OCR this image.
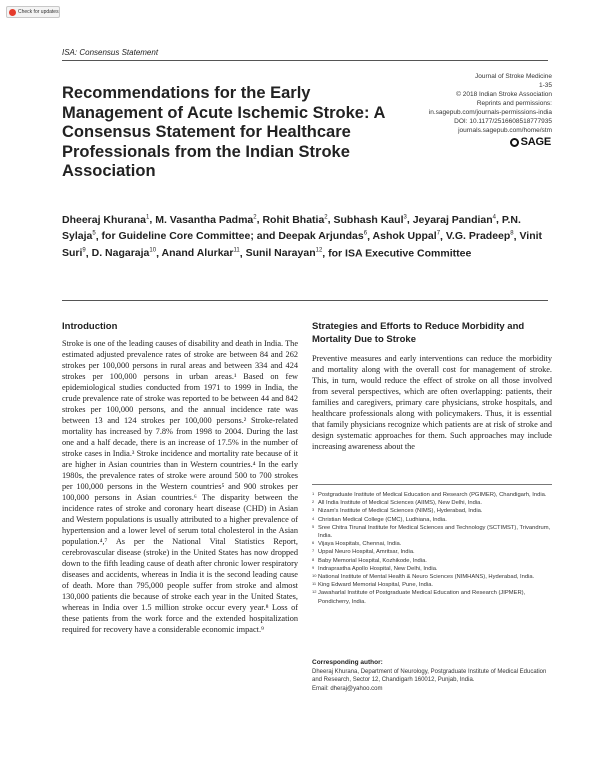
Check for updates
ISA: Consensus Statement
Recommendations for the Early Management of Acute Ischemic Stroke: A Consensus Statement for Healthcare Professionals from the Indian Stroke Association
Journal of Stroke Medicine
1-35
© 2018 Indian Stroke Association
Reprints and permissions:
in.sagepub.com/journals-permissions-india
DOI: 10.1177/2516608518777935
journals.sagepub.com/home/stm
SAGE
Dheeraj Khurana$^1$, M. Vasantha Padma$^2$, Rohit Bhatia$^2$, Subhash Kaul$^3$, Jeyaraj Pandian$^4$, P.N. Sylaja$^5$, for Guideline Core Committee; and Deepak Arjundas$^6$, Ashok Uppal$^7$, V.G. Pradeep$^8$, Vinit Suri$^9$, D. Nagaraja$^{10}$, Anand Alurkar$^{11}$, Sunil Narayan$^{12}$, for ISA Executive Committee
Introduction

Stroke is one of the leading causes of disability and death in India. The estimated adjusted prevalence rates of stroke are between 84 and 262 strokes per 100,000 persons in rural areas and between 334 and 424 strokes per 100,000 persons in urban areas.¹ Based on few epidemiological studies conducted from 1971 to 1999 in India, the crude prevalence rate of stroke was reported to be between 44 and 842 strokes per 100,000 persons, and the annual incidence rate was between 13 and 124 strokes per 100,000 persons.² Stroke-related mortality has increased by 7.8% from 1998 to 2004. During the last one and a half decade, there is an increase of 17.5% in the number of stroke cases in India.³ Stroke incidence and mortality rate because of it are higher in Asian countries than in Western countries.⁴ In the early 1980s, the prevalence rates of stroke were around 500 to 700 strokes per 100,000 persons in the Western countries⁵ and 900 strokes per 100,000 persons in Asian countries.⁶ The disparity between the incidence rates of stroke and coronary heart disease (CHD) in Asian and Western populations is usually attributed to a higher prevalence of hypertension and a lower level of serum total cholesterol in the Asian population.⁴,⁷ As per the National Vital Statistics Report, cerebrovascular disease (stroke) in the United States has now dropped down to the fifth leading cause of death after chronic lower respiratory diseases and accidents, whereas in India it is the second leading cause of death. More than 795,000 people suffer from stroke and almost 130,000 patients die because of stroke each year in the United States, whereas in India over 1.5 million stroke occur every year.⁸ Loss of these patients from the work force and the extended hospitalization required for recovery have a considerable economic impact.⁹

Strategies and Efforts to Reduce Morbidity and Mortality Due to Stroke

Preventive measures and early interventions can reduce the morbidity and mortality along with the overall cost for management of stroke. This, in turn, would reduce the effect of stroke on all those involved from several perspectives, which are often overlapping: patients, their families and caregivers, primary care physicians, stroke hospitals, and healthcare professionals along with policymakers. Thus, it is essential that family physicians recognize which patients are at risk of stroke and design systematic approaches for them. Such approaches may include increasing awareness about the

1 Postgraduate Institute of Medical Education and Research (PGIMER), Chandigarh, India.
2 All India Institute of Medical Sciences (AIIMS), New Delhi, India.
3 Nizam's Institute of Medical Sciences (NIMS), Hyderabad, India.
4 Christian Medical College (CMC), Ludhiana, India.
5 Sree Chitra Tirunal Institute for Medical Sciences and Technology (SCTIMST), Trivandrum, India.
6 Vijaya Hospitals, Chennai, India.
7 Uppal Neuro Hospital, Amritsar, India.
8 Baby Memorial Hospital, Kozhikode, India.
9 Indraprastha Apollo Hospital, New Delhi, India.
10 National Institute of Mental Health & Neuro Sciences (NIMHANS), Hyderabad, India.
11 King Edward Memorial Hospital, Pune, India.
12 Jawaharlal Institute of Postgraduate Medical Education and Research (JIPMER), Pondicherry, India.
Corresponding author:
Dheeraj Khurana, Department of Neurology, Postgraduate Institute of Medical Education and Research, Sector 12, Chandigarh 160012, Punjab, India.
Email: dheraj@yahoo.com
